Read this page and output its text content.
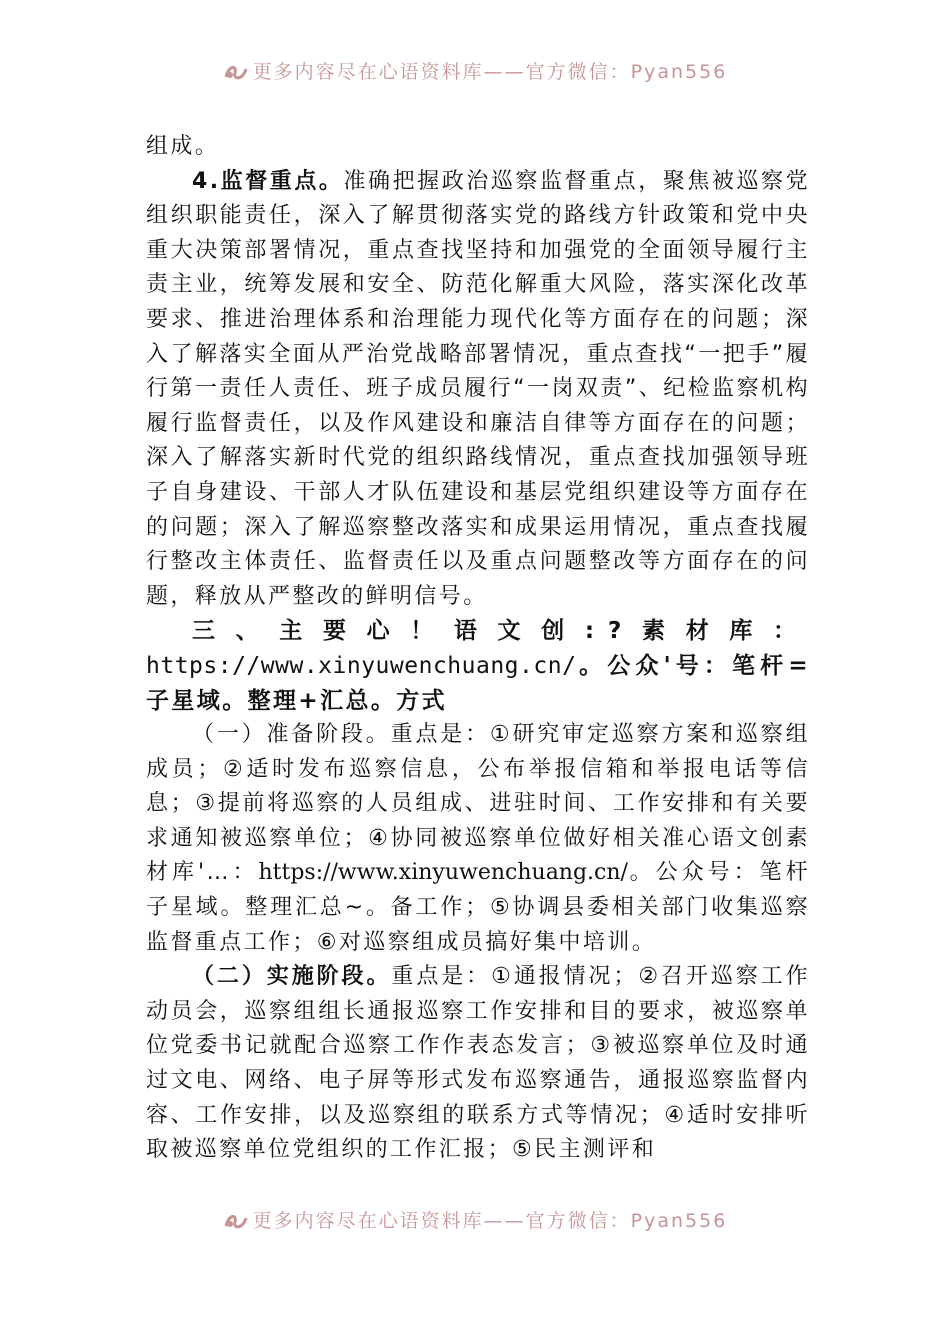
更多内容尽在心语资料库——官方微信：Pyan556

组成。

4.监督重点。准确把握政治巡察监督重点，聚焦被巡察党组织职能责任，深入了解贯彻落实党的路线方针政策和党中央重大决策部署情况，重点查找坚持和加强党的全面领导履行主责主业，统筹发展和安全、防范化解重大风险，落实深化改革要求、推进治理体系和治理能力现代化等方面存在的问题；深入了解落实全面从严治党战略部署情况，重点查找“一把手”履行第一责任人责任、班子成员履行“一岗双责”、纪检监察机构履行监督责任，以及作风建设和廉洁自律等方面存在的问题；深入了解落实新时代党的组织路线情况，重点查找加强领导班子自身建设、干部人才队伍建设和基层党组织建设等方面存在的问题；深入了解巡察整改落实和成果运用情况，重点查找履行整改主体责任、监督责任以及重点问题整改等方面存在的问题，释放从严整改的鲜明信号。

三、主要心！语文创:?素材库：https://www.xinyuwenchuang.cn/。公众'号：笔杆=子星域。整理+汇总。方式

（一）准备阶段。重点是：①研究审定巡察方案和巡察组成员；②适时发布巡察信息，公布举报信箱和举报电话等信息；③提前将巡察的人员组成、进驻时间、工作安排和有关要求通知被巡察单位；④协同被巡察单位做好相关准心语文创素材库'…：https://www.xinyuwenchuang.cn/。公众号：笔杆子星域。整理汇总~。备工作；⑤协调县委相关部门收集巡察监督重点工作；⑥对巡察组成员搞好集中培训。

（二）实施阶段。重点是：①通报情况；②召开巡察工作动员会，巡察组组长通报巡察工作安排和目的要求，被巡察单位党委书记就配合巡察工作作表态发言；③被巡察单位及时通过文电、网络、电子屏等形式发布巡察通告，通报巡察监督内容、工作安排，以及巡察组的联系方式等情况；④适时安排听取被巡察单位党组织的工作汇报；⑤民主测评和

更多内容尽在心语资料库——官方微信：Pyan556
